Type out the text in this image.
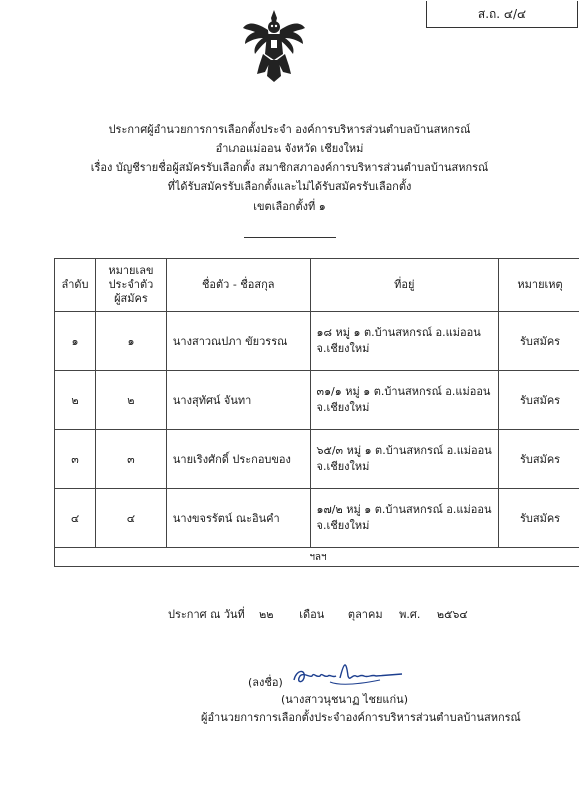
ส.ถ. ๔/๔
ประกาศผู้อำนวยการการเลือกตั้งประจำ องค์การบริหารส่วนตำบลบ้านสหกรณ์
อำเภอแม่ออน จังหวัด เชียงใหม่
เรื่อง บัญชีรายชื่อผู้สมัครรับเลือกตั้ง สมาชิกสภาองค์การบริหารส่วนตำบลบ้านสหกรณ์
ที่ได้รับสมัครรับเลือกตั้งและไม่ได้รับสมัครรับเลือกตั้ง
เขตเลือกตั้งที่ ๑
ลำดับ	หมายเลข
ประจำตัว
ผู้สมัคร	ชื่อตัว - ชื่อสกุล	ที่อยู่	หมายเหตุ
๑	๑	นางสาวณปภา ขัยวรรณ	๑๘ หมู่ ๑ ต.บ้านสหกรณ์ อ.แม่ออน
จ.เชียงใหม่	รับสมัคร
๒	๒	นางสุทัศน์ จันทา	๓๑/๑ หมู่ ๑ ต.บ้านสหกรณ์ อ.แม่ออน
จ.เชียงใหม่	รับสมัคร
๓	๓	นายเริงศักดิ์ ประกอบของ	๖๕/๓ หมู่ ๑ ต.บ้านสหกรณ์ อ.แม่ออน
จ.เชียงใหม่	รับสมัคร
๔	๔	นางขจรรัตน์ ณะอินคำ	๑๗/๒ หมู่ ๑ ต.บ้านสหกรณ์ อ.แม่ออน
จ.เชียงใหม่	รับสมัคร
ฯลฯ				
ประกาศ ณ วันที่ ๒๒ เดือน ตุลาคม พ.ศ. ๒๕๖๔
(ลงชื่อ)
(นางสาวนุชนาฏ ไชยแก่น)
ผู้อำนวยการการเลือกตั้งประจำองค์การบริหารส่วนตำบลบ้านสหกรณ์
